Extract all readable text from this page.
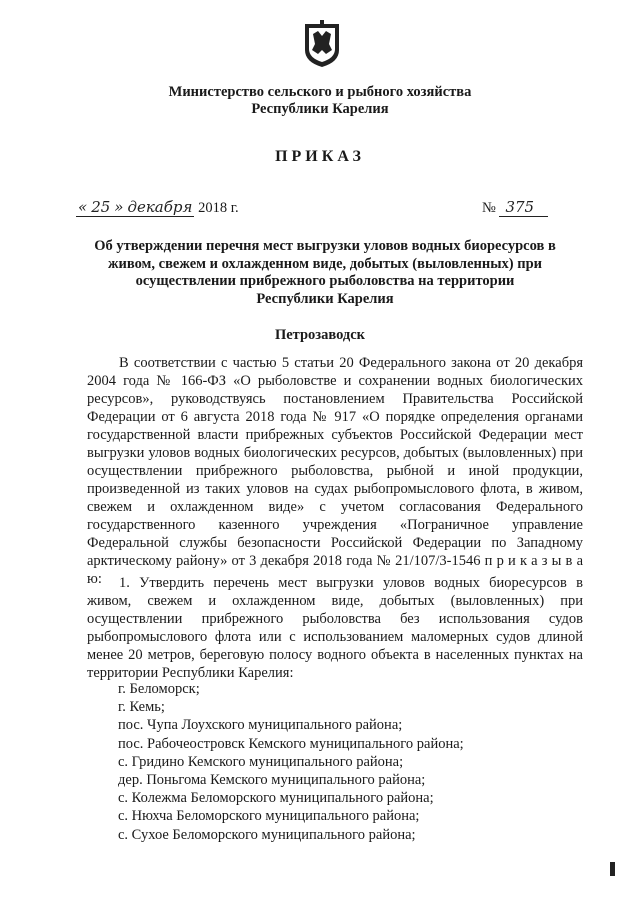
Министерство сельского и рыбного хозяйства
Республики Карелия
ПРИКАЗ
« 25 » декабря 2018 г.	№ 375
Об утверждении перечня мест выгрузки уловов водных биоресурсов в
живом, свежем и охлажденном виде, добытых (выловленных) при
осуществлении прибрежного рыболовства на территории
Республики Карелия
Петрозаводск
В соответствии с частью 5 статьи 20 Федерального закона от 20 декабря 2004 года № 166-ФЗ «О рыболовстве и сохранении водных биологических ресурсов», руководствуясь постановлением Правительства Российской Федерации от 6 августа 2018 года № 917 «О порядке определения органами государственной власти прибрежных субъектов Российской Федерации мест выгрузки уловов водных биологических ресурсов, добытых (выловленных) при осуществлении прибрежного рыболовства, рыбной и иной продукции, произведенной из таких уловов на судах рыбопромыслового флота, в живом, свежем и охлажденном виде» с учетом согласования Федерального государственного казенного учреждения «Пограничное управление Федеральной службы безопасности Российской Федерации по Западному арктическому району» от 3 декабря 2018 года № 21/107/3-1546 п р и к а з ы в а ю:	1. Утвердить перечень мест выгрузки уловов водных биоресурсов в живом, свежем и охлажденном виде, добытых (выловленных) при осуществлении прибрежного рыболовства без использования судов рыбопромыслового флота или с использованием маломерных судов длиной менее 20 метров, береговую полосу водного объекта в населенных пунктах на территории Республики Карелия:
г. Беломорск;
г. Кемь;
пос. Чупа Лоухского муниципального района;
пос. Рабочеостровск Кемского муниципального района;
с. Гридино Кемского муниципального района;
дер. Поньгома Кемского муниципального района;
с. Колежма Беломорского муниципального района;
с. Нюхча Беломорского муниципального района;
с. Сухое Беломорского муниципального района;
